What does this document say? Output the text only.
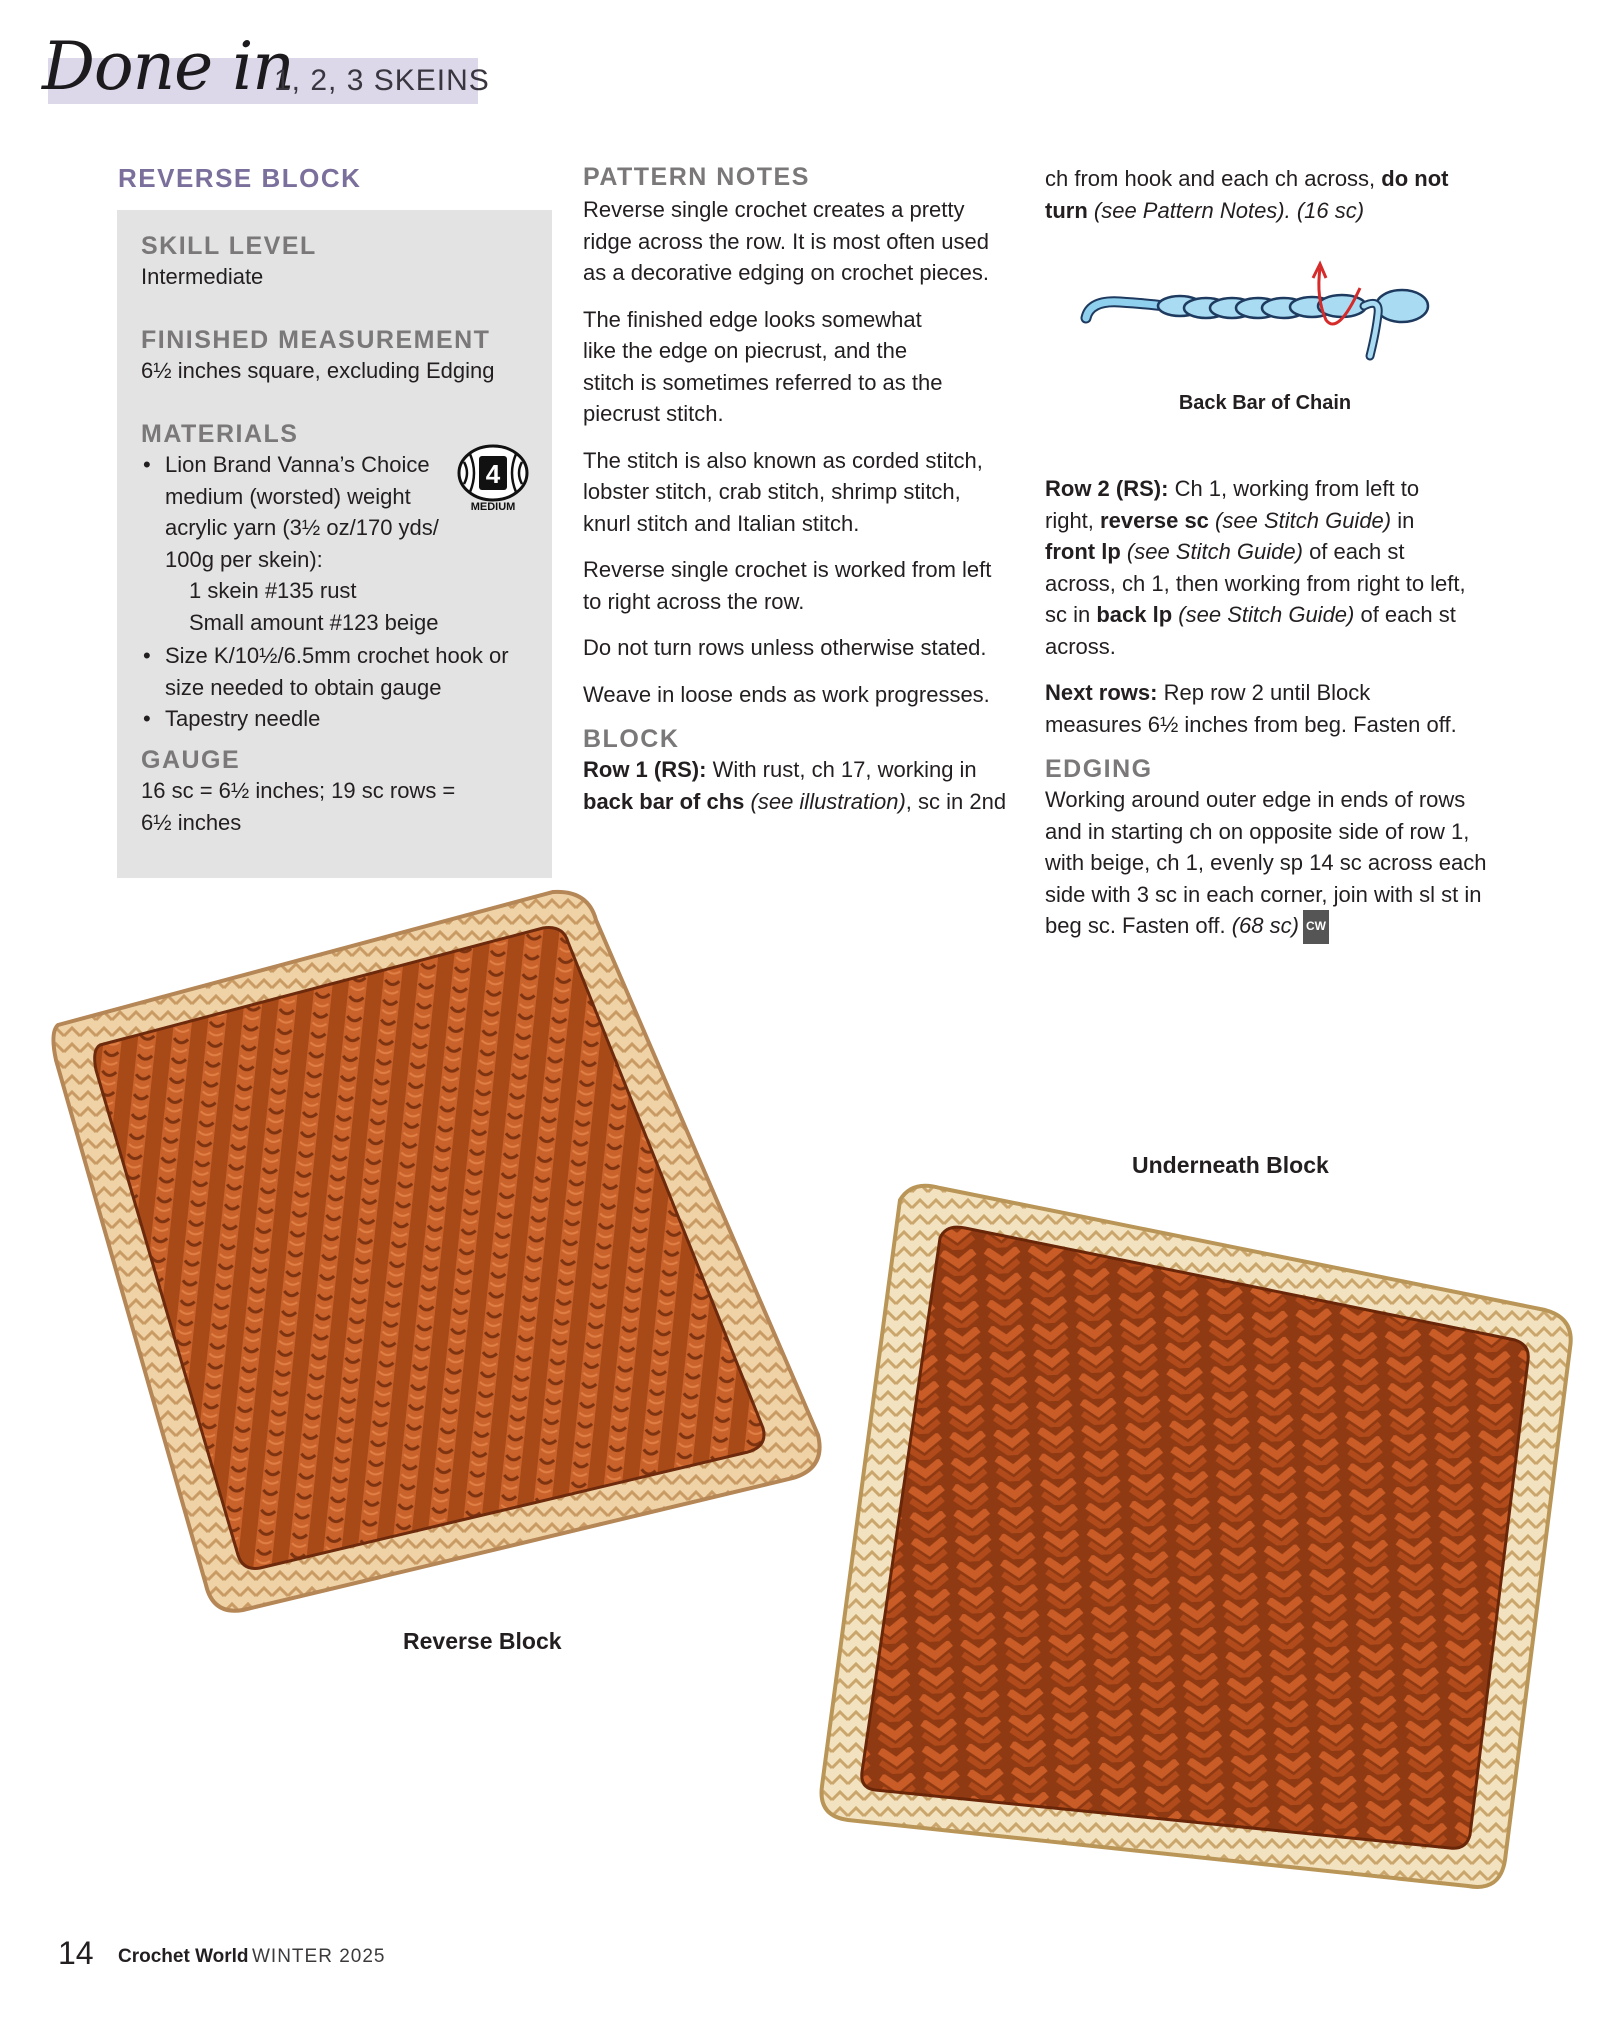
Done in
1, 2, 3 SKEINS
REVERSE BLOCK
SKILL LEVEL
Intermediate
FINISHED MEASUREMENT
6½ inches square, excluding Edging
MATERIALS
• Lion Brand Vanna’s Choice medium (worsted) weight acrylic yarn (3½ oz/170 yds/ 100g per skein):
1 skein #135 rust
Small amount #123 beige
• Size K/10½/6.5mm crochet hook or size needed to obtain gauge
• Tapestry needle
GAUGE
16 sc = 6½ inches; 19 sc rows = 6½ inches
4
MEDIUM
PATTERN NOTES

Reverse single crochet creates a pretty ridge across the row. It is most often used as a decorative edging on crochet pieces.

The finished edge looks somewhat like the edge on piecrust, and the stitch is sometimes referred to as the piecrust stitch.

The stitch is also known as corded stitch, lobster stitch, crab stitch, shrimp stitch, knurl stitch and Italian stitch.

Reverse single crochet is worked from left to right across the row.

Do not turn rows unless otherwise stated.

Weave in loose ends as work progresses.

BLOCK

Row 1 (RS): With rust, ch 17, working in back bar of chs (see illustration), sc in 2nd

ch from hook and each ch across, do not turn (see Pattern Notes). (16 sc)

Row 2 (RS): Ch 1, working from left to right, reverse sc (see Stitch Guide) in front lp (see Stitch Guide) of each st across, ch 1, then working from right to left, sc in back lp (see Stitch Guide) of each st across.

Next rows: Rep row 2 until Block measures 6½ inches from beg. Fasten off.

EDGING

Working around outer edge in ends of rows and in starting ch on opposite side of row 1, with beige, ch 1, evenly sp 14 sc across each side with 3 sc in each corner, join with sl st in beg sc. Fasten off. (68 sc) CW

Back Bar of Chain
Reverse Block
Underneath Block
14 Crochet World WINTER 2025
